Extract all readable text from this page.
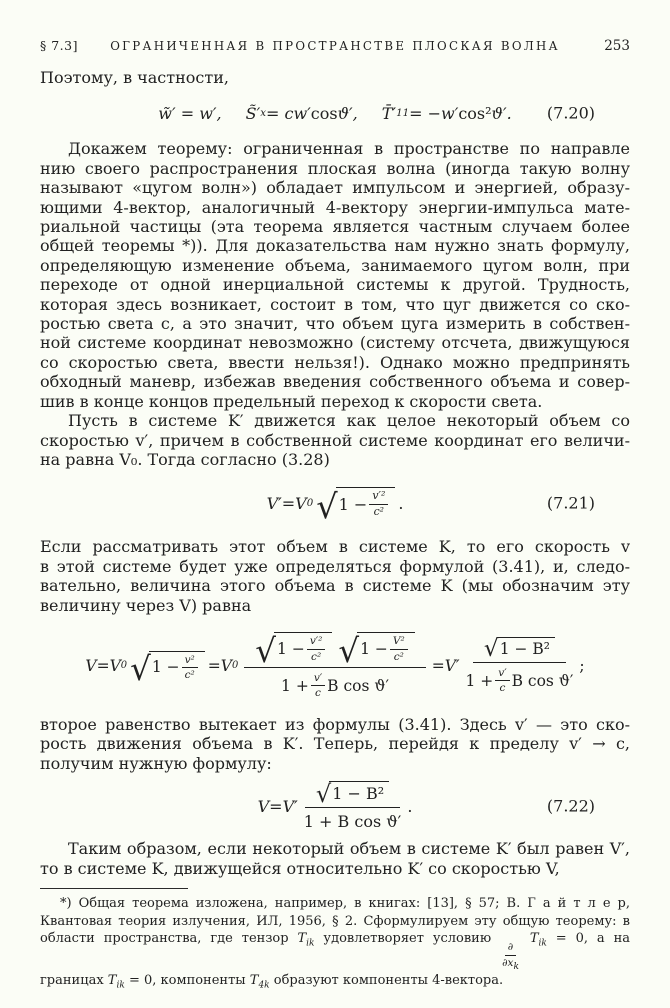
§ 7.3]	ОГРАНИЧЕННАЯ В ПРОСТРАНСТВЕ ПЛОСКАЯ ВОЛНА	253
Поэтому, в частности,
w̃′ = w′, S̃′ x = cw′ cos ϑ′, T̄′ 11 = −w′ cos² ϑ′. (7.20)
Докажем теорему: ограниченная в пространстве по направле
нию своего распространения плоская волна (иногда такую волну
называют «цугом волн») обладает импульсом и энергией, образу-
ющими 4-вектор, аналогичный 4-вектору энергии-импульса мате-
риальной частицы (эта теорема является частным случаем более
общей теоремы *)). Для доказательства нам нужно знать формулу,
определяющую изменение объема, занимаемого цугом волн, при
переходе от одной инерциальной системы к другой. Трудность,
которая здесь возникает, состоит в том, что цуг движется со ско-
ростью света c, а это значит, что объем цуга измерить в собствен-
ной системе координат невозможно (систему отсчета, движущуюся
со скоростью света, ввести нельзя!). Однако можно предпринять
обходный маневр, избежав введения собственного объема и совер-
шив в конце концов предельный переход к скорости света.
Пусть в системе K′ движется как целое некоторый объем со
скоростью v′, причем в собственной системе координат его величи-
на равна V₀. Тогда согласно (3.28)
V′ = V 0 √ $1 - \frac{\text{v′²}}{\text{c²}}$ .	(7.21)
Если рассматривать этот объем в системе K, то его скорость v
в этой системе будет уже определяться формулой (3.41), и, следо-
вательно, величина этого объема в системе K (мы обозначим эту
величину через V) равна
V = V 0 √ $1 - \frac{\text{v²}}{\text{c²}} = V$ 0 √ $1 - \frac{\text{v′²}}{\text{c²}}$ √ $1 - \frac{\text{V²}}{\text{c²}}$
$1 + \frac{v'}{c}$ В cos ϑ′
= V′
√ 1 − В²
$1 + \frac{v'}{c}$ В cos ϑ′
;
второе равенство вытекает из формулы (3.41). Здесь v′ — это ско-
рость движения объема в K′. Теперь, перейдя к пределу v′ → c,
получим нужную формулу:
V = V′ √ 1 − В²
1 + В cos ϑ′
.	(7.22)
Таким образом, если некоторый объем в системе K′ был равен V′,
то в системе K, движущейся относительно K′ со скоростью V,
*) Общая теорема изложена, например, в книгах: [13], § 57; В. Г а й т л е р, Квантовая теория излучения, ИЛ, 1956, § 2. Сформулируем эту общую теорему: в области пространства, где тензор $T_{ik}$ удовлетворяет условию
∂
$\partial x_k$
$T_{ik} = 0$, а на границах $T_{ik} = 0$, компоненты $T_{4k}$ образуют компоненты 4-вектора.
